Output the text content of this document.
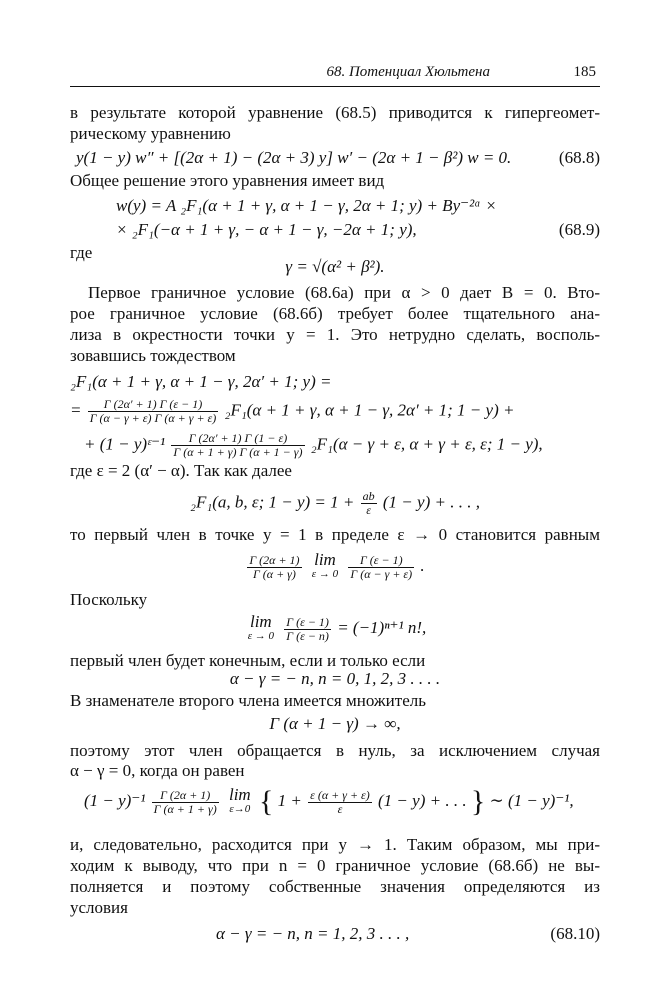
68. Потенциал Хюльтена	185
в результате которой уравнение (68.5) приводится к гипергеомет-
рическому уравнению
y(1 − y) w″ + [(2α + 1) − (2α + 3) y] w′ − (2α + 1 − β²) w = 0.	(68.8)
Общее решение этого уравнения имеет вид
w(y) = A ₂F₁(α + 1 + γ, α + 1 − γ, 2α + 1; y) + By⁻²ᵅ ×
× ₂F₁(−α + 1 + γ, − α + 1 − γ, −2α + 1; y),	(68.9)
где
γ = √(α² + β²).
Первое граничное условие (68.6а) при α > 0 дает B = 0. Вто-
рое граничное условие (68.6б) требует более тщательного ана-
лиза в окрестности точки y = 1. Это нетрудно сделать, восполь-
зовавшись тождеством
₂F₁(α + 1 + γ, α + 1 − γ, 2α′ + 1; y) =
= $\frac{\Gamma (2\alpha' + 1) \Gamma (\varepsilon - 1)}{\Gamma (\alpha - \gamma + \varepsilon) \Gamma (\alpha + \gamma + \varepsilon)} _2F_1(\alpha + 1 + \gamma$, α + 1 − γ, 2α′ + 1; 1 − y) +
+ (1 − y)ᵋ⁻¹ $\frac{\Gamma (2\alpha' + 1) \Gamma (1 - \varepsilon)}{\Gamma (\alpha + 1 + \gamma) \Gamma (\alpha + 1 - \gamma)} _2F_1(\alpha - \gamma + \varepsilon$, α + γ + ε, ε; 1 − y),
где ε = 2 (α′ − α). Так как далее
₂F₁(a, b, ε; $1 - y) = 1 + \frac{ab}{\varepsilon} (1 - y)$ + . . . ,
то первый член в точке y = 1 в пределе ε → 0 становится равным
$\frac{\Gamma (2\alpha + 1)}{\Gamma (\alpha + \gamma)}$ lim
ε → 0
$\frac{\Gamma (\varepsilon - 1)}{\Gamma (\alpha - \gamma + \varepsilon)}$ .
Поскольку
lim
ε → 0
$\frac{\Gamma (\varepsilon - 1)}{\Gamma (\varepsilon - n)} = (-1)^{n+1}$ n!,
первый член будет конечным, если и только если
α − γ = − n, n = 0, 1, 2, 3 . . . .
В знаменателе второго члена имеется множитель
Γ (α + 1 − γ) → ∞,
поэтому этот член обращается в нуль, за исключением случая
α − γ = 0, когда он равен
$(1 - y)^{-1} \frac{\Gamma (2\alpha + 1)}{\Gamma (\alpha + 1 + \gamma)}$ lim
ε→0 { $1 + \frac{\varepsilon (\alpha + \gamma + \varepsilon)}{\varepsilon} (1 - y)$ + . . . } ∼ (1 − y)⁻¹,
и, следовательно, расходится при y → 1. Таким образом, мы при-
ходим к выводу, что при n = 0 граничное условие (68.6б) не вы-
полняется и поэтому собственные значения определяются из
условия
α − γ = − n, n = 1, 2, 3 . . . ,	(68.10)
